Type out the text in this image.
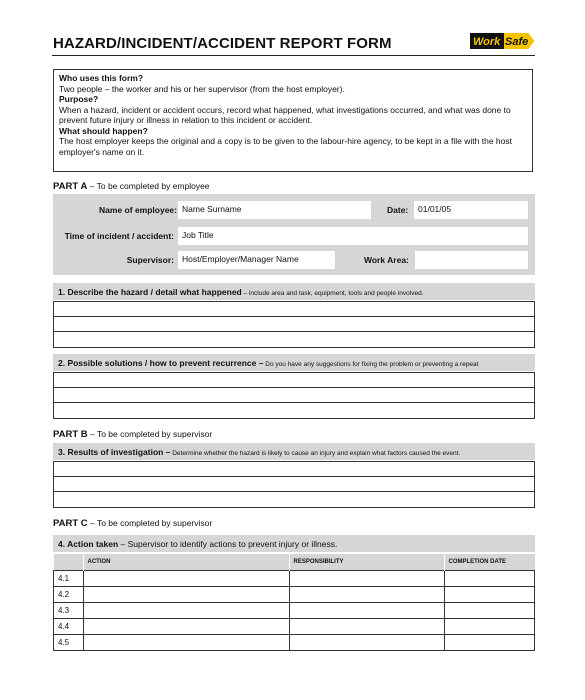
HAZARD/INCIDENT/ACCIDENT REPORT FORM	Work Safe
Who uses this form?
Two people – the worker and his or her supervisor (from the host employer).
Purpose?
When a hazard, incident or accident occurs, record what happened, what investigations occurred, and what was done to prevent future injury or illness in relation to this incident or accident.
What should happen?
The host employer keeps the original and a copy is to be given to the labour-hire agency, to be kept in a file with the host employer's name on it.
PART A – To be completed by employee
Name of employee: Name Surname	Date:	01/01/05
Time of incident / accident: Job Title
Supervisor: Host/Employer/Manager Name	Work Area:
1. Describe the hazard / detail what happened – include area and task, equipment, tools and people involved.
2. Possible solutions / how to prevent recurrence – Do you have any suggestions for fixing the problem or preventing a repeat
PART B – To be completed by supervisor
3. Results of investigation – Determine whether the hazard is likely to cause an injury and explain what factors caused the event.
PART C – To be completed by supervisor
4. Action taken – Supervisor to identify actions to prevent injury or illness.
	ACTION	RESPONSIBILITY	COMPLETION DATE
4.1			
4.2			
4.3			
4.4			
4.5			
